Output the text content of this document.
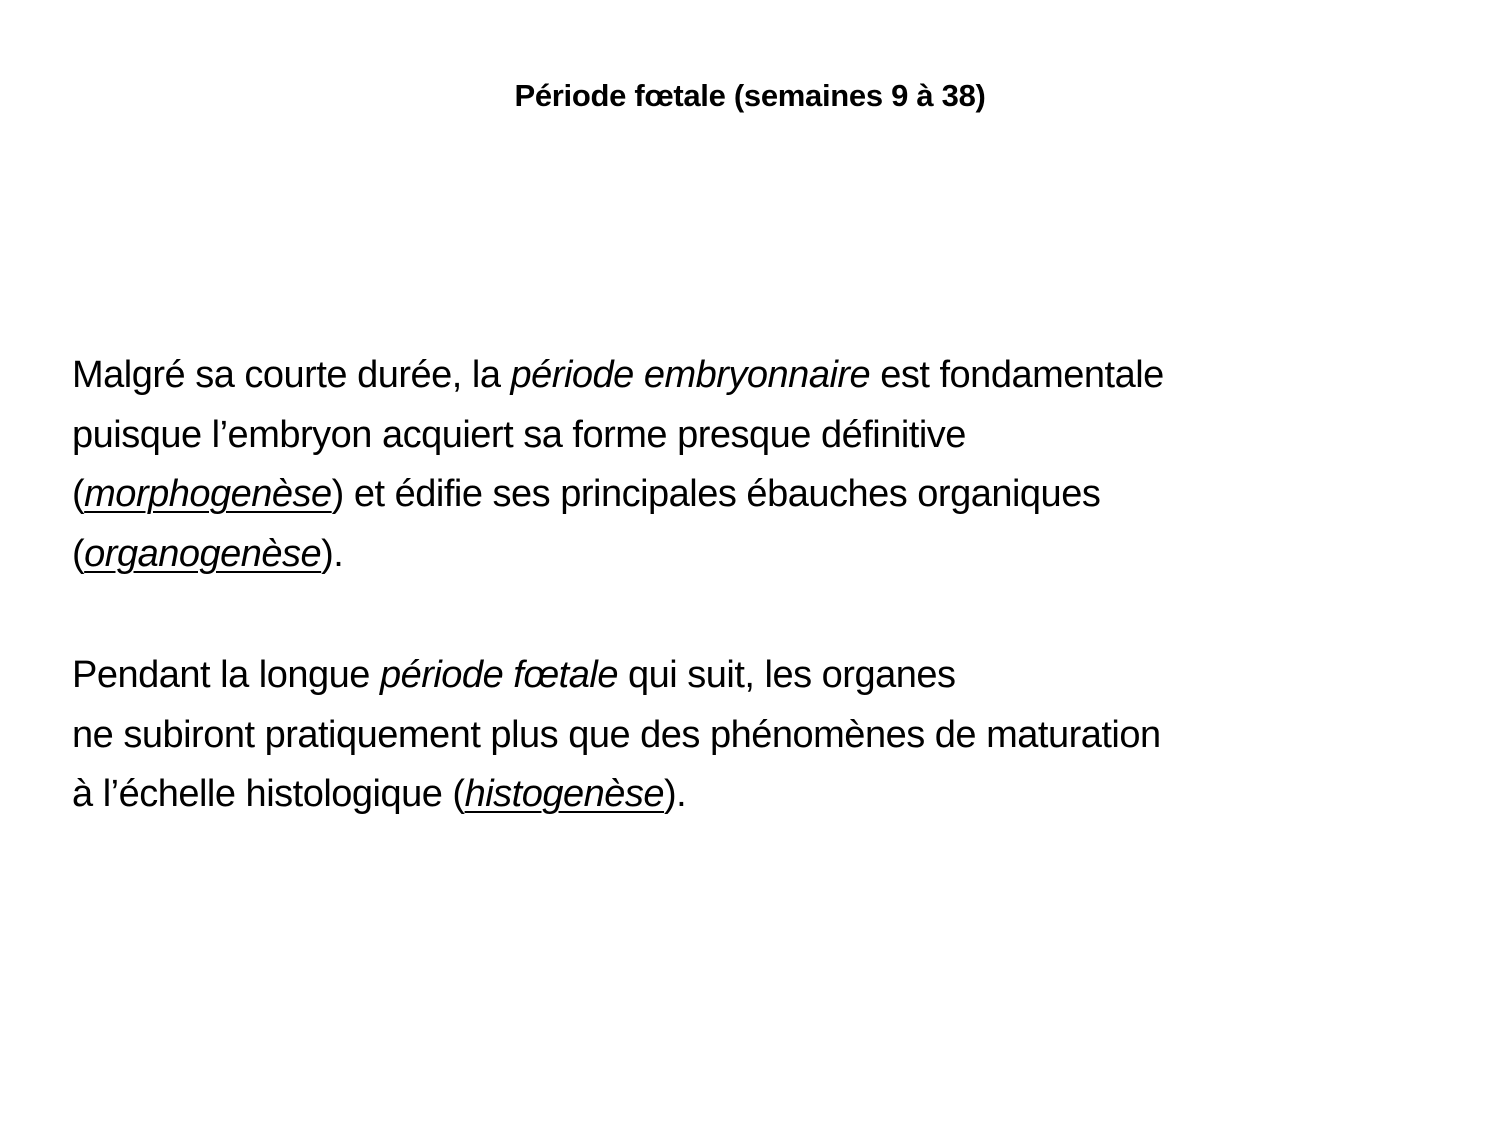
Période fœtale (semaines 9 à 38)
Malgré sa courte durée, la période embryonnaire est fondamentale
puisque l’embryon acquiert sa forme presque définitive
(morphogenèse) et édifie ses principales ébauches organiques
(organogenèse).
Pendant la longue période fœtale qui suit, les organes
ne subiront pratiquement plus que des phénomènes de maturation
à l’échelle histologique (histogenèse).
